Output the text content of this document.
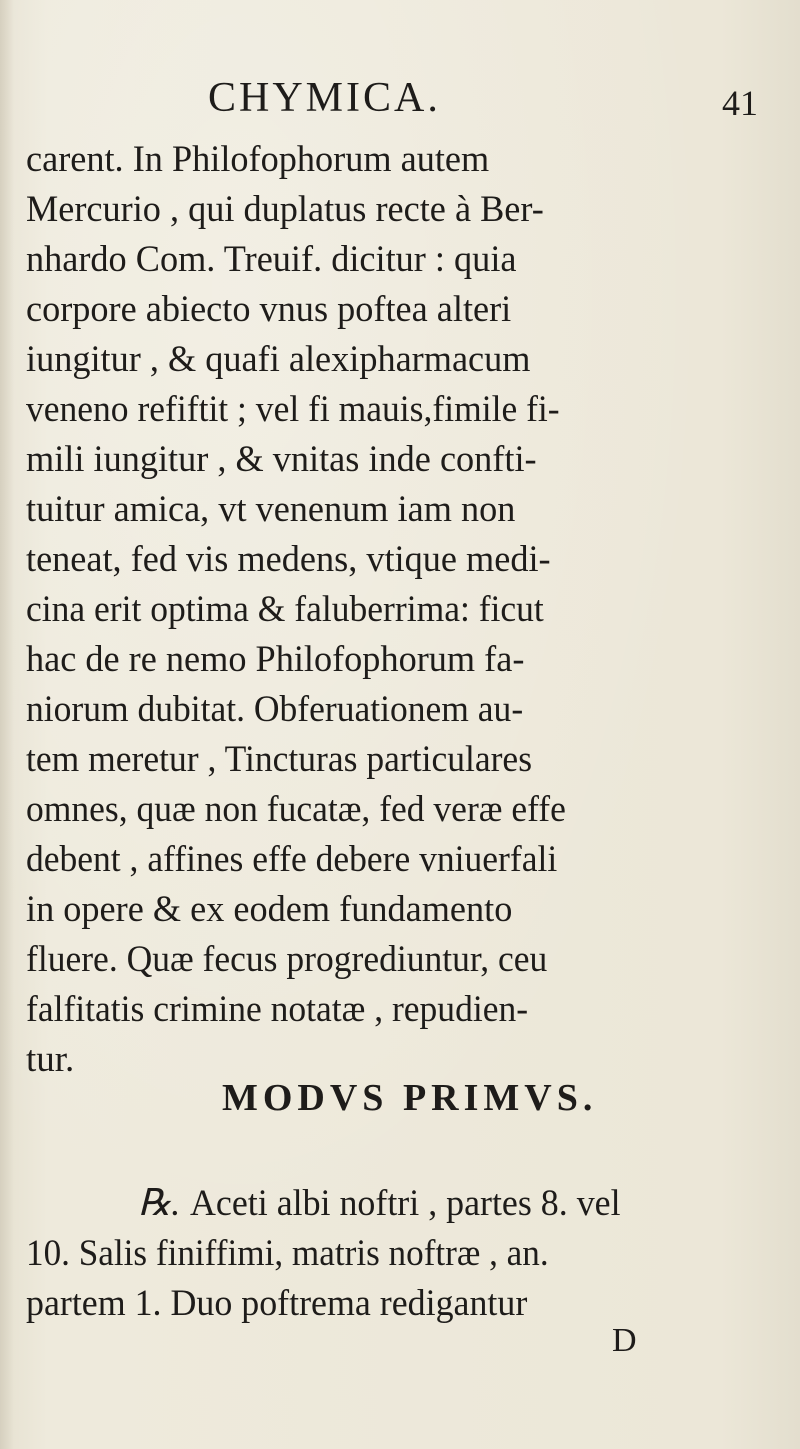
CHYMICA.	41

carent. In Philofophorum autem

Mercurio , qui duplatus recte à Ber-

nhardo Com. Treuif. dicitur : quia

corpore abiecto vnus poftea alteri

iungitur , & quafi alexipharmacum

veneno refiftit ; vel fi mauis,fimile fi-

mili iungitur , & vnitas inde confti-

tuitur amica, vt venenum iam non

teneat, fed vis medens, vtique medi-

cina erit optima & faluberrima: ficut

hac de re nemo Philofophorum fa-

niorum dubitat. Obferuationem au-

tem meretur , Tincturas particulares

omnes, quæ non fucatæ, fed veræ effe

debent , affines effe debere vniuerfali

in opere & ex eodem fundamento

fluere. Quæ fecus progrediuntur, ceu

falfitatis crimine notatæ , repudien-

tur.

MODVS PRIMVS.

℞. Aceti albi noftri , partes 8. vel

10. Salis finiffimi, matris noftræ , an.

partem 1. Duo poftrema redigantur

D
